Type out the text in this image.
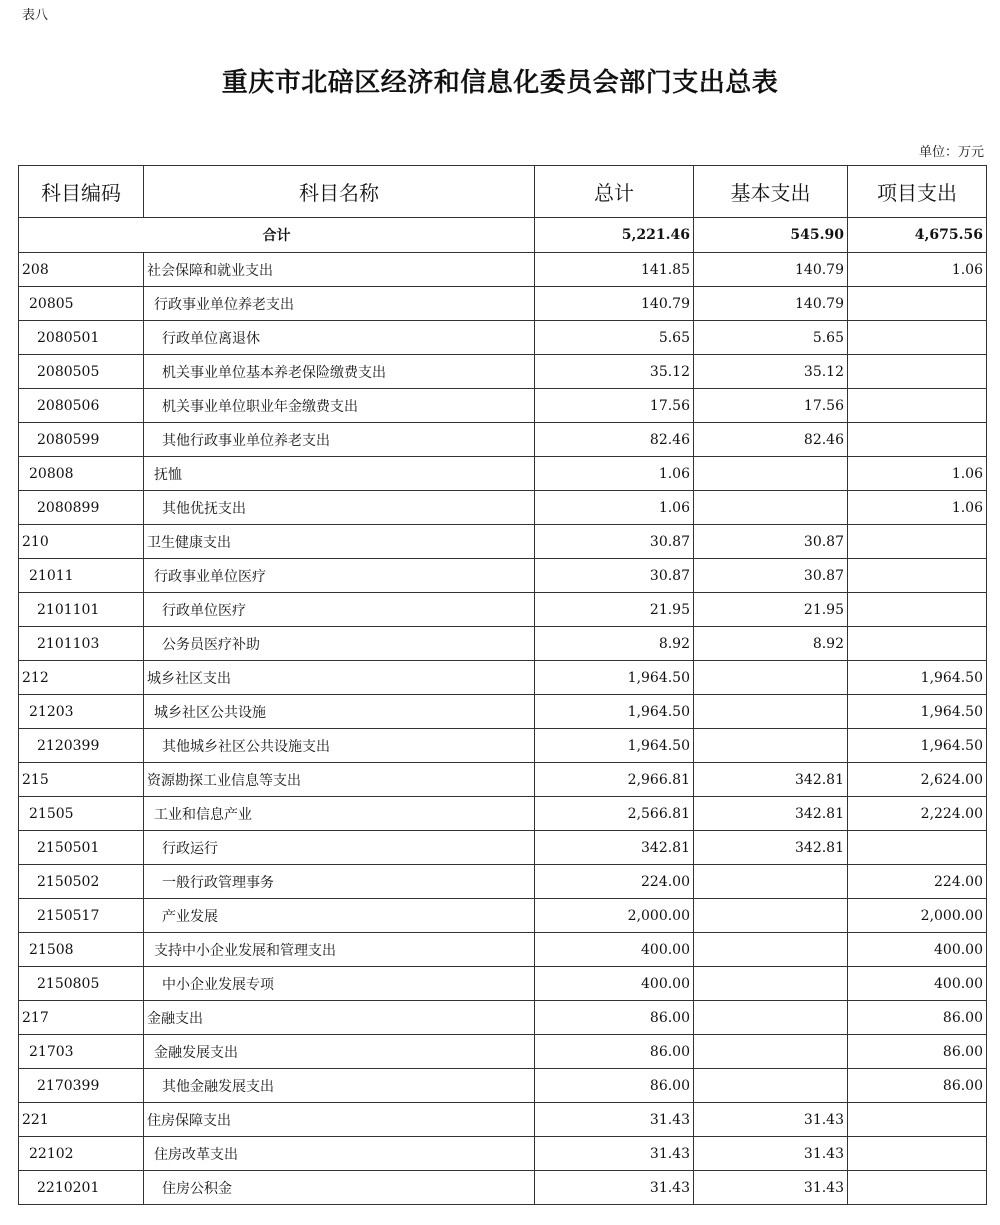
表八
重庆市北碚区经济和信息化委员会部门支出总表
单位：万元
科目编码	科目名称	总计	基本支出	项目支出
合计		5,221.46	545.90	4,675.56
208	社会保障和就业支出	141.85	140.79	1.06
20805	行政事业单位养老支出	140.79	140.79	
2080501	行政单位离退休	5.65	5.65	
2080505	机关事业单位基本养老保险缴费支出	35.12	35.12	
2080506	机关事业单位职业年金缴费支出	17.56	17.56	
2080599	其他行政事业单位养老支出	82.46	82.46	
20808	抚恤	1.06		1.06
2080899	其他优抚支出	1.06		1.06
210	卫生健康支出	30.87	30.87	
21011	行政事业单位医疗	30.87	30.87	
2101101	行政单位医疗	21.95	21.95	
2101103	公务员医疗补助	8.92	8.92	
212	城乡社区支出	1,964.50		1,964.50
21203	城乡社区公共设施	1,964.50		1,964.50
2120399	其他城乡社区公共设施支出	1,964.50		1,964.50
215	资源勘探工业信息等支出	2,966.81	342.81	2,624.00
21505	工业和信息产业	2,566.81	342.81	2,224.00
2150501	行政运行	342.81	342.81	
2150502	一般行政管理事务	224.00		224.00
2150517	产业发展	2,000.00		2,000.00
21508	支持中小企业发展和管理支出	400.00		400.00
2150805	中小企业发展专项	400.00		400.00
217	金融支出	86.00		86.00
21703	金融发展支出	86.00		86.00
2170399	其他金融发展支出	86.00		86.00
221	住房保障支出	31.43	31.43	
22102	住房改革支出	31.43	31.43	
2210201	住房公积金	31.43	31.43	
